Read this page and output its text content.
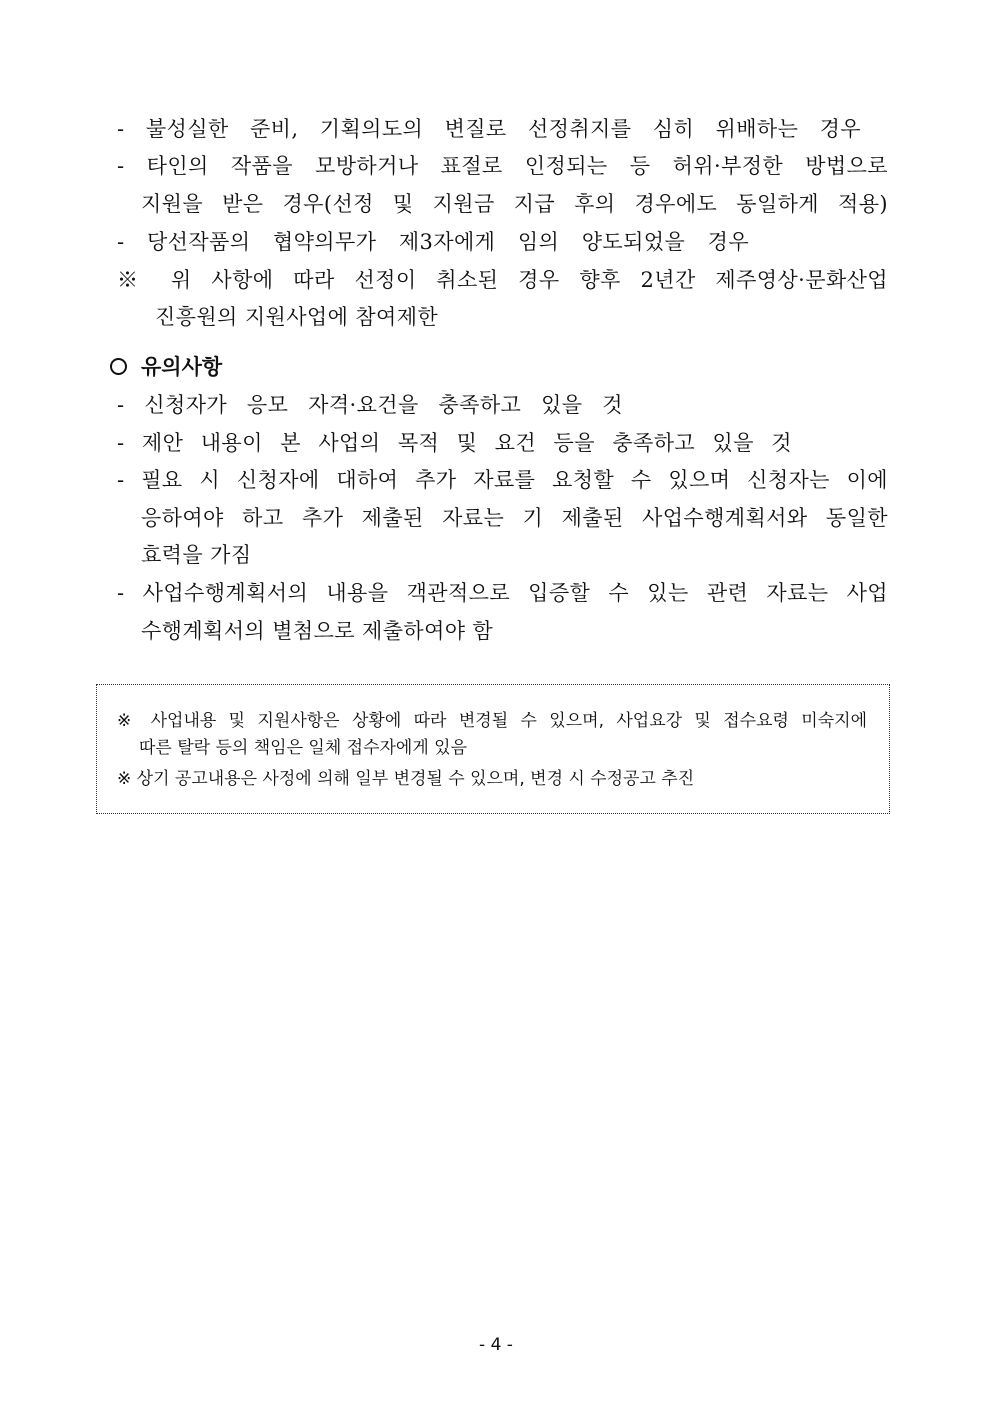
- 불성실한 준비, 기획의도의 변질로 선정취지를 심히 위배하는 경우
- 타인의 작품을 모방하거나 표절로 인정되는 등 허위·부정한 방법으로
지원을 받은 경우(선정 및 지원금 지급 후의 경우에도 동일하게 적용)
- 당선작품의 협약의무가 제3자에게 임의 양도되었을 경우
※ 위 사항에 따라 선정이 취소된 경우 향후 2년간 제주영상·문화산업
진흥원의 지원사업에 참여제한
유의사항
- 신청자가 응모 자격·요건을 충족하고 있을 것
- 제안 내용이 본 사업의 목적 및 요건 등을 충족하고 있을 것
- 필요 시 신청자에 대하여 추가 자료를 요청할 수 있으며 신청자는 이에
응하여야 하고 추가 제출된 자료는 기 제출된 사업수행계획서와 동일한
효력을 가짐
- 사업수행계획서의 내용을 객관적으로 입증할 수 있는 관련 자료는 사업
수행계획서의 별첨으로 제출하여야 함
※ 사업내용 및 지원사항은 상황에 따라 변경될 수 있으며, 사업요강 및 접수요령 미숙지에
따른 탈락 등의 책임은 일체 접수자에게 있음
※ 상기 공고내용은 사정에 의해 일부 변경될 수 있으며, 변경 시 수정공고 추진
- 4 -
